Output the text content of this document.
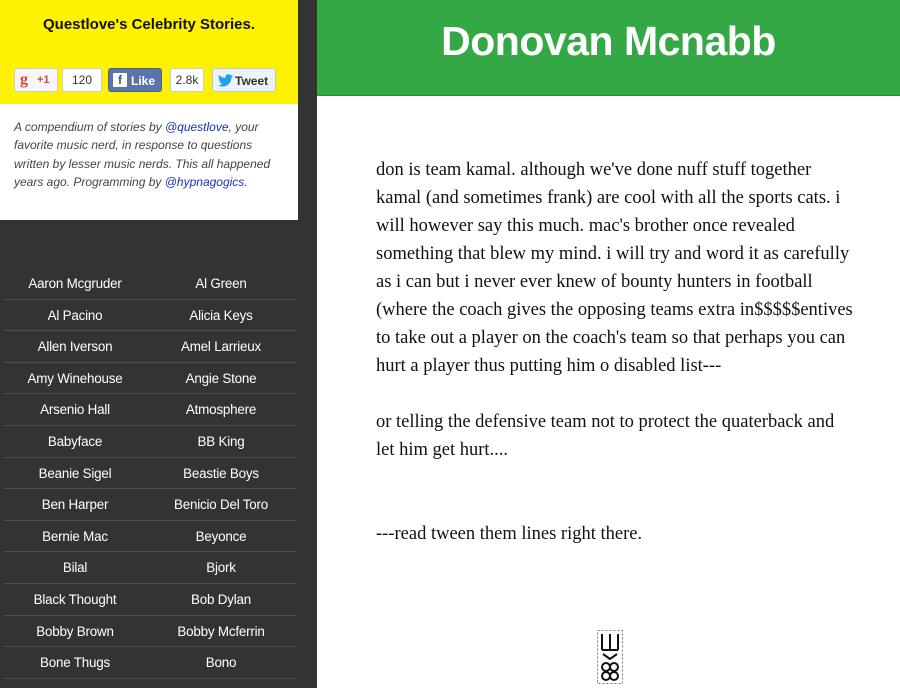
Questlove's Celebrity Stories.
g +1	120	f Like	2.8k	Tweet
A compendium of stories by @questlove, your favorite music nerd, in response to questions written by lesser music nerds. This all happened years ago. Programming by @hypnagogics.
Aaron Mcgruder	Al Green
Al Pacino	Alicia Keys
Allen Iverson	Amel Larrieux
Amy Winehouse	Angie Stone
Arsenio Hall	Atmosphere
Babyface	BB King
Beanie Sigel	Beastie Boys
Ben Harper	Benicio Del Toro
Bernie Mac	Beyonce
Bilal	Bjork
Black Thought	Bob Dylan
Bobby Brown	Bobby Mcferrin
Bone Thugs	Bono
Donovan Mcnabb

don is team kamal. although we've done nuff stuff together kamal (and sometimes frank) are cool with all the sports cats. i will however say this much. mac's brother once revealed something that blew my mind. i will try and word it as carefully as i can but i never ever knew of bounty hunters in football (where the coach gives the opposing teams extra in$$$$$entives to take out a player on the coach's team so that perhaps you can hurt a player thus putting him o disabled list---

or telling the defensive team not to protect the quaterback and let him get hurt....

---read tween them lines right there.
